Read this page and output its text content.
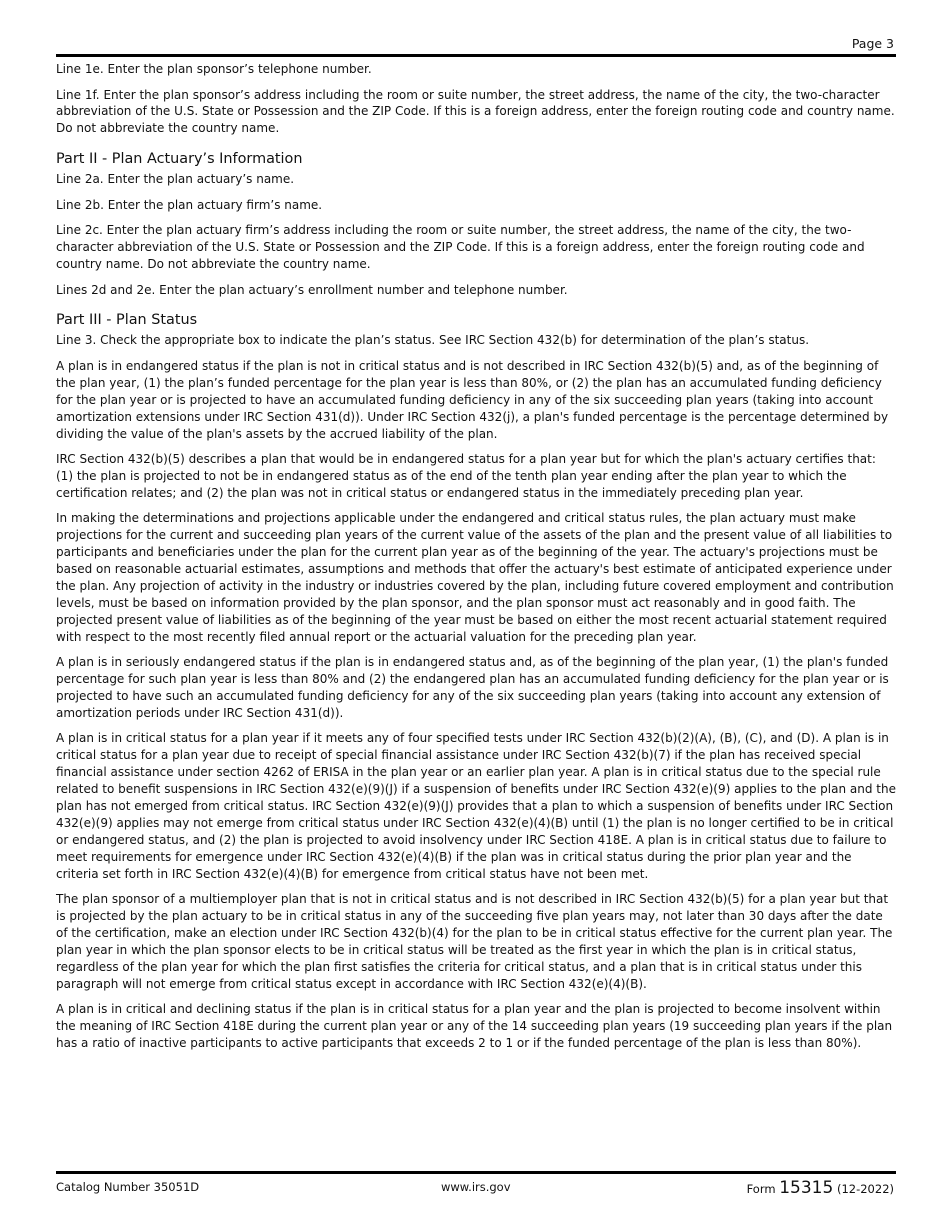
Page 3

Line 1e. Enter the plan sponsor’s telephone number.

Line 1f. Enter the plan sponsor’s address including the room or suite number, the street address, the name of the city, the two-character abbreviation of the U.S. State or Possession and the ZIP Code. If this is a foreign address, enter the foreign routing code and country name. Do not abbreviate the country name.

Part II - Plan Actuary’s Information

Line 2a. Enter the plan actuary’s name.

Line 2b. Enter the plan actuary firm’s name.

Line 2c. Enter the plan actuary firm’s address including the room or suite number, the street address, the name of the city, the two-character abbreviation of the U.S. State or Possession and the ZIP Code. If this is a foreign address, enter the foreign routing code and country name. Do not abbreviate the country name.

Lines 2d and 2e. Enter the plan actuary’s enrollment number and telephone number.

Part III - Plan Status

Line 3. Check the appropriate box to indicate the plan’s status. See IRC Section 432(b) for determination of the plan’s status.

A plan is in endangered status if the plan is not in critical status and is not described in IRC Section 432(b)(5) and, as of the beginning of the plan year, (1) the plan’s funded percentage for the plan year is less than 80%, or (2) the plan has an accumulated funding deficiency for the plan year or is projected to have an accumulated funding deficiency in any of the six succeeding plan years (taking into account amortization extensions under IRC Section 431(d)). Under IRC Section 432(j), a plan's funded percentage is the percentage determined by dividing the value of the plan's assets by the accrued liability of the plan.

IRC Section 432(b)(5) describes a plan that would be in endangered status for a plan year but for which the plan's actuary certifies that: (1) the plan is projected to not be in endangered status as of the end of the tenth plan year ending after the plan year to which the certification relates; and (2) the plan was not in critical status or endangered status in the immediately preceding plan year.

In making the determinations and projections applicable under the endangered and critical status rules, the plan actuary must make projections for the current and succeeding plan years of the current value of the assets of the plan and the present value of all liabilities to participants and beneficiaries under the plan for the current plan year as of the beginning of the year. The actuary's projections must be based on reasonable actuarial estimates, assumptions and methods that offer the actuary's best estimate of anticipated experience under the plan. Any projection of activity in the industry or industries covered by the plan, including future covered employment and contribution levels, must be based on information provided by the plan sponsor, and the plan sponsor must act reasonably and in good faith. The projected present value of liabilities as of the beginning of the year must be based on either the most recent actuarial statement required with respect to the most recently filed annual report or the actuarial valuation for the preceding plan year.

A plan is in seriously endangered status if the plan is in endangered status and, as of the beginning of the plan year, (1) the plan's funded percentage for such plan year is less than 80% and (2) the endangered plan has an accumulated funding deficiency for the plan year or is projected to have such an accumulated funding deficiency for any of the six succeeding plan years (taking into account any extension of amortization periods under IRC Section 431(d)).

A plan is in critical status for a plan year if it meets any of four specified tests under IRC Section 432(b)(2)(A), (B), (C), and (D). A plan is in critical status for a plan year due to receipt of special financial assistance under IRC Section 432(b)(7) if the plan has received special financial assistance under section 4262 of ERISA in the plan year or an earlier plan year. A plan is in critical status due to the special rule related to benefit suspensions in IRC Section 432(e)(9)(J) if a suspension of benefits under IRC Section 432(e)(9) applies to the plan and the plan has not emerged from critical status. IRC Section 432(e)(9)(J) provides that a plan to which a suspension of benefits under IRC Section 432(e)(9) applies may not emerge from critical status under IRC Section 432(e)(4)(B) until (1) the plan is no longer certified to be in critical or endangered status, and (2) the plan is projected to avoid insolvency under IRC Section 418E. A plan is in critical status due to failure to meet requirements for emergence under IRC Section 432(e)(4)(B) if the plan was in critical status during the prior plan year and the criteria set forth in IRC Section 432(e)(4)(B) for emergence from critical status have not been met.

The plan sponsor of a multiemployer plan that is not in critical status and is not described in IRC Section 432(b)(5) for a plan year but that is projected by the plan actuary to be in critical status in any of the succeeding five plan years may, not later than 30 days after the date of the certification, make an election under IRC Section 432(b)(4) for the plan to be in critical status effective for the current plan year. The plan year in which the plan sponsor elects to be in critical status will be treated as the first year in which the plan is in critical status, regardless of the plan year for which the plan first satisfies the criteria for critical status, and a plan that is in critical status under this paragraph will not emerge from critical status except in accordance with IRC Section 432(e)(4)(B).

A plan is in critical and declining status if the plan is in critical status for a plan year and the plan is projected to become insolvent within the meaning of IRC Section 418E during the current plan year or any of the 14 succeeding plan years (19 succeeding plan years if the plan has a ratio of inactive participants to active participants that exceeds 2 to 1 or if the funded percentage of the plan is less than 80%).

Catalog Number 35051D	www.irs.gov	Form 15315 (12-2022)
